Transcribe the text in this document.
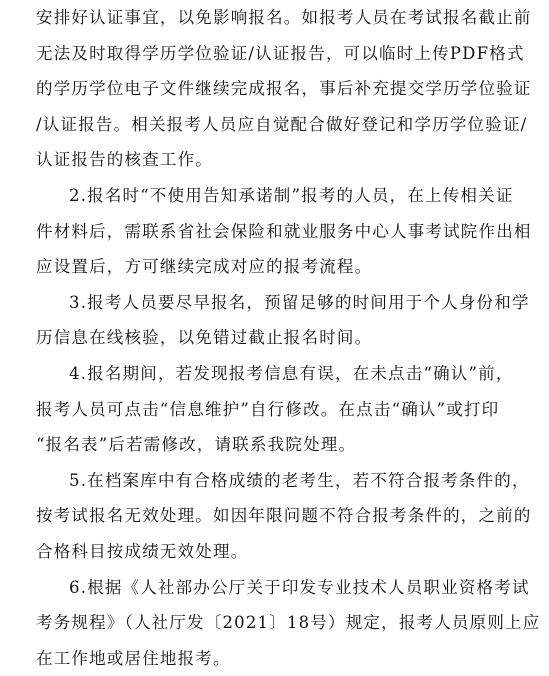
安排好认证事宜，以免影响报名。如报考人员在考试报名截止前
无法及时取得学历学位验证/认证报告，可以临时上传PDF格式
的学历学位电子文件继续完成报名，事后补充提交学历学位验证
/认证报告。相关报考人员应自觉配合做好登记和学历学位验证/
认证报告的核查工作。
2.报名时“不使用告知承诺制”报考的人员，在上传相关证
件材料后，需联系省社会保险和就业服务中心人事考试院作出相
应设置后，方可继续完成对应的报考流程。
3.报考人员要尽早报名，预留足够的时间用于个人身份和学
历信息在线核验，以免错过截止报名时间。
4.报名期间，若发现报考信息有误，在未点击“确认”前，
报考人员可点击“信息维护”自行修改。在点击“确认”或打印
“报名表”后若需修改，请联系我院处理。
5.在档案库中有合格成绩的老考生，若不符合报考条件的，
按考试报名无效处理。如因年限问题不符合报考条件的，之前的
合格科目按成绩无效处理。
6.根据《人社部办公厅关于印发专业技术人员职业资格考试
考务规程》（人社厅发〔2021〕18号）规定，报考人员原则上应
在工作地或居住地报考。
